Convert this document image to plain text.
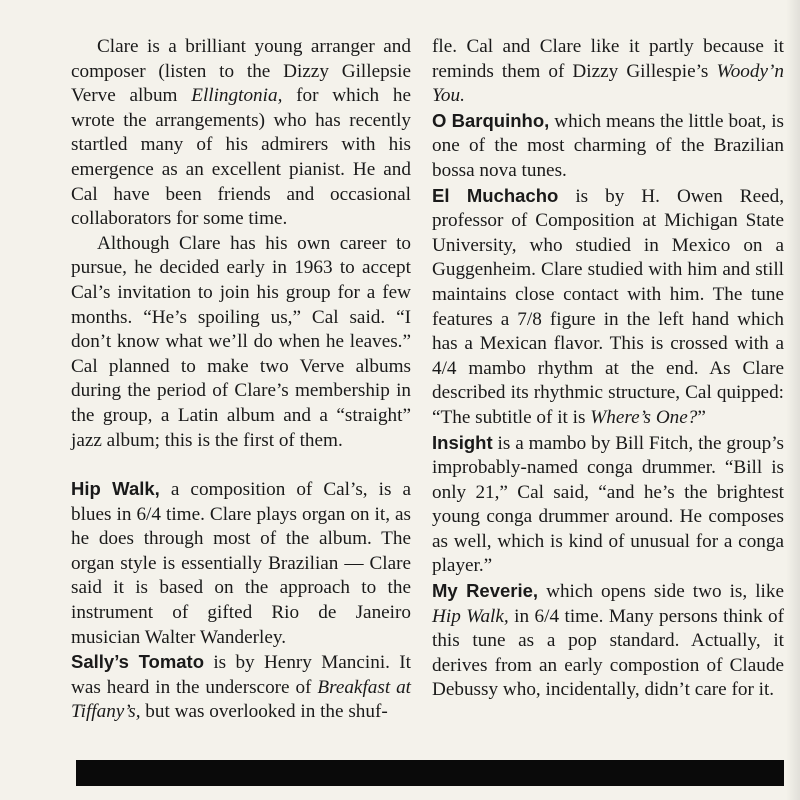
Clare is a brilliant young arranger and composer (listen to the Dizzy Gillepsie Verve album Ellingtonia, for which he wrote the arrangements) who has recently startled many of his admirers with his emergence as an excellent pianist. He and Cal have been friends and occasional collaborators for some time.

Although Clare has his own career to pursue, he decided early in 1963 to accept Cal’s invitation to join his group for a few months. “He’s spoiling us,” Cal said. “I don’t know what we’ll do when he leaves.” Cal planned to make two Verve albums during the period of Clare’s membership in the group, a Latin album and a “straight” jazz album; this is the first of them.

Hip Walk, a composition of Cal’s, is a blues in 6/4 time. Clare plays organ on it, as he does through most of the album. The organ style is essentially Brazilian — Clare said it is based on the approach to the instrument of gifted Rio de Janeiro musician Walter Wanderley.

Sally’s Tomato is by Henry Mancini. It was heard in the underscore of Breakfast at Tiffany’s, but was overlooked in the shuf-

fle. Cal and Clare like it partly because it reminds them of Dizzy Gillespie’s Woody’n You.

O Barquinho, which means the little boat, is one of the most charming of the Brazilian bossa nova tunes.

El Muchacho is by H. Owen Reed, professor of Composition at Michigan State University, who studied in Mexico on a Guggenheim. Clare studied with him and still maintains close contact with him. The tune features a 7/8 figure in the left hand which has a Mexican flavor. This is crossed with a 4/4 mambo rhythm at the end. As Clare described its rhythmic structure, Cal quipped: “The subtitle of it is Where’s One?”

Insight is a mambo by Bill Fitch, the group’s improbably-named conga drummer. “Bill is only 21,” Cal said, “and he’s the brightest young conga drummer around. He composes as well, which is kind of unusual for a conga player.”

My Reverie, which opens side two is, like Hip Walk, in 6/4 time. Many persons think of this tune as a pop standard. Actually, it derives from an early compostion of Claude Debussy who, incidentally, didn’t care for it.
